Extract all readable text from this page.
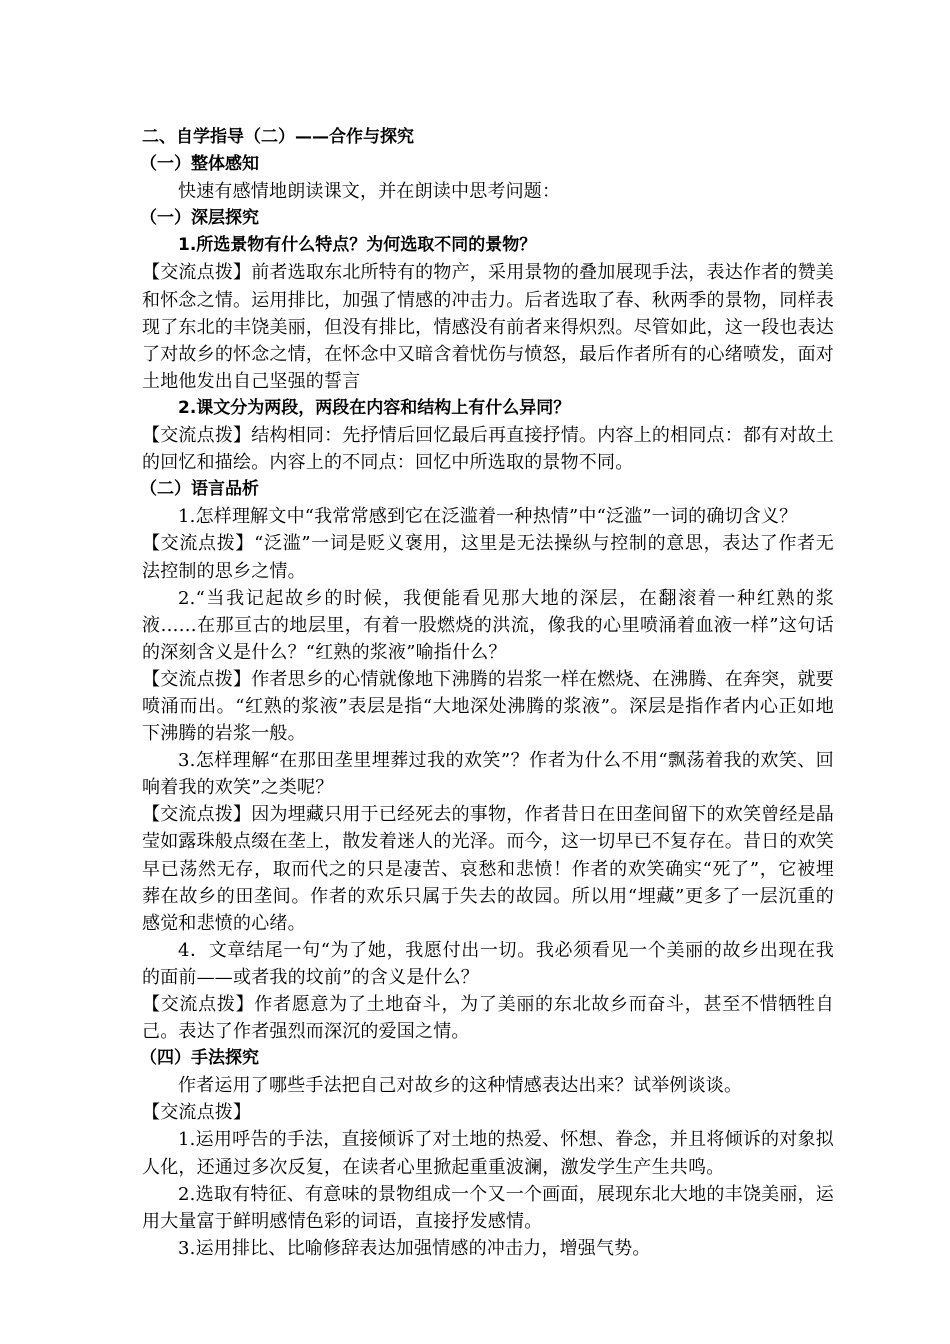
二、自学指导（二）——合作与探究

（一）整体感知

快速有感情地朗读课文，并在朗读中思考问题：

（一）深层探究

1.所选景物有什么特点？为何选取不同的景物？

【交流点拨】前者选取东北所特有的物产，采用景物的叠加展现手法，表达作者的赞美和怀念之情。运用排比，加强了情感的冲击力。后者选取了春、秋两季的景物，同样表现了东北的丰饶美丽，但没有排比，情感没有前者来得炽烈。尽管如此，这一段也表达了对故乡的怀念之情，在怀念中又暗含着忧伤与愤怒，最后作者所有的心绪喷发，面对土地他发出自己坚强的誓言

2.课文分为两段，两段在内容和结构上有什么异同？

【交流点拨】结构相同：先抒情后回忆最后再直接抒情。内容上的相同点：都有对故土的回忆和描绘。内容上的不同点：回忆中所选取的景物不同。

（二）语言品析

1.怎样理解文中“我常常感到它在泛滥着一种热情”中“泛滥”一词的确切含义？

【交流点拨】“泛滥”一词是贬义褒用，这里是无法操纵与控制的意思，表达了作者无法控制的思乡之情。

2.“当我记起故乡的时候，我便能看见那大地的深层，在翻滚着一种红熟的浆液……在那亘古的地层里，有着一股燃烧的洪流，像我的心里喷涌着血液一样”这句话的深刻含义是什么？“红熟的浆液”喻指什么？

【交流点拨】作者思乡的心情就像地下沸腾的岩浆一样在燃烧、在沸腾、在奔突，就要喷涌而出。“红熟的浆液”表层是指“大地深处沸腾的浆液”。深层是指作者内心正如地下沸腾的岩浆一般。

3.怎样理解“在那田垄里埋葬过我的欢笑”？作者为什么不用“飘荡着我的欢笑、回响着我的欢笑”之类呢？

【交流点拨】因为埋藏只用于已经死去的事物，作者昔日在田垄间留下的欢笑曾经是晶莹如露珠般点缀在垄上，散发着迷人的光泽。而今，这一切早已不复存在。昔日的欢笑早已荡然无存，取而代之的只是凄苦、哀愁和悲愤！作者的欢笑确实“死了”，它被埋葬在故乡的田垄间。作者的欢乐只属于失去的故园。所以用“埋藏”更多了一层沉重的感觉和悲愤的心绪。

4．文章结尾一句“为了她，我愿付出一切。我必须看见一个美丽的故乡出现在我的面前——或者我的坟前”的含义是什么？

【交流点拨】作者愿意为了土地奋斗，为了美丽的东北故乡而奋斗，甚至不惜牺牲自己。表达了作者强烈而深沉的爱国之情。

（四）手法探究

作者运用了哪些手法把自己对故乡的这种情感表达出来？试举例谈谈。

【交流点拨】

1.运用呼告的手法，直接倾诉了对土地的热爱、怀想、眷念，并且将倾诉的对象拟人化，还通过多次反复，在读者心里掀起重重波澜，激发学生产生共鸣。

2.选取有特征、有意味的景物组成一个又一个画面，展现东北大地的丰饶美丽，运用大量富于鲜明感情色彩的词语，直接抒发感情。

3.运用排比、比喻修辞表达加强情感的冲击力，增强气势。
